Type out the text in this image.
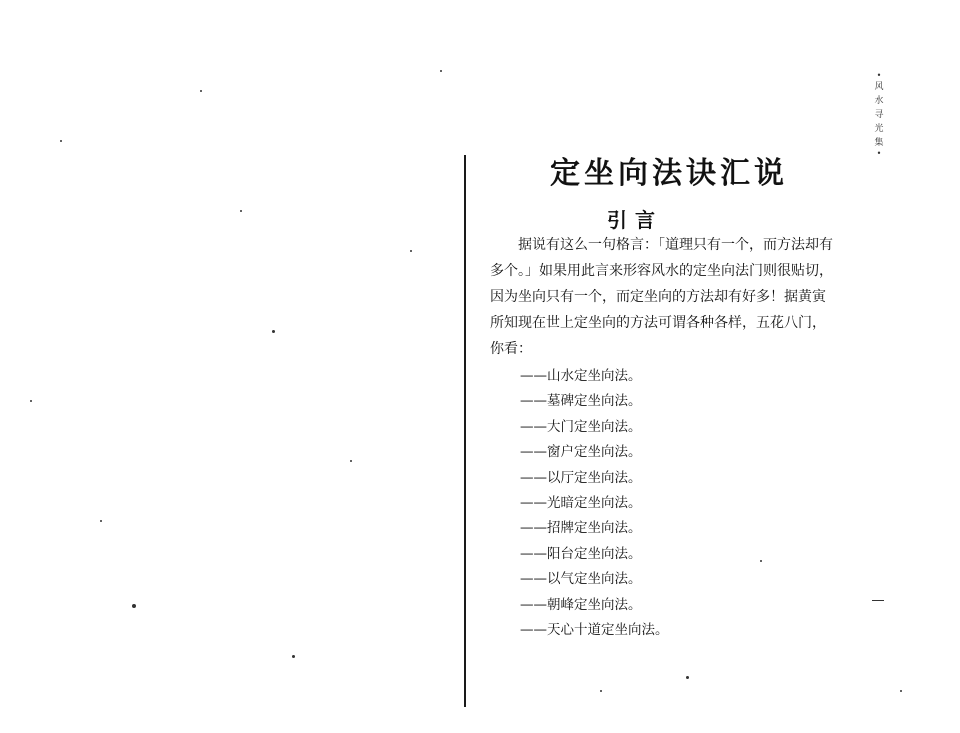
•
风
水
寻
光
集
•
定坐向法诀汇说
引言
　　据说有这么一句格言：「道理只有一个，而方法却有
多个。」如果用此言来形容风水的定坐向法门则很贴切，
因为坐向只有一个，而定坐向的方法却有好多！据黄寅
所知现在世上定坐向的方法可谓各种各样，五花八门，
你看：
——山水定坐向法。
——墓碑定坐向法。
——大门定坐向法。
——窗户定坐向法。
——以厅定坐向法。
——光暗定坐向法。
——招牌定坐向法。
——阳台定坐向法。
——以气定坐向法。
——朝峰定坐向法。
——天心十道定坐向法。
